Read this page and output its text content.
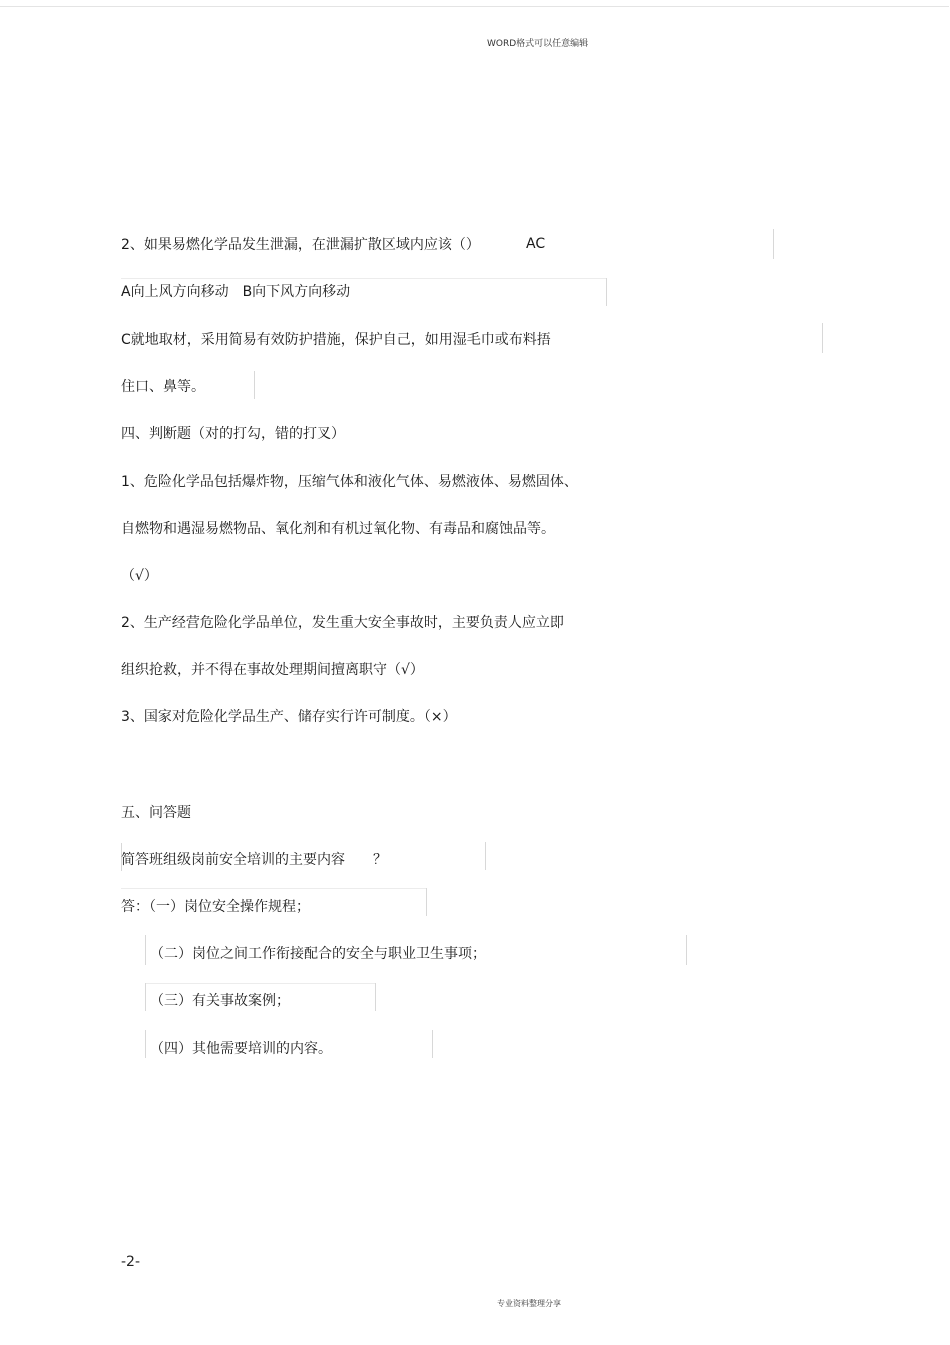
WORD格式可以任意编辑
2、如果易燃化学品发生泄漏，在泄漏扩散区域内应该（）	AC
A向上风方向移动　B向下风方向移动
C就地取材，采用简易有效防护措施，保护自己，如用湿毛巾或布料捂
住口、鼻等。
四、判断题（对的打勾，错的打叉）
1、危险化学品包括爆炸物，压缩气体和液化气体、易燃液体、易燃固体、
自燃物和遇湿易燃物品、氧化剂和有机过氧化物、有毒品和腐蚀品等。
（√）
2、生产经营危险化学品单位，发生重大安全事故时，主要负责人应立即
组织抢救，并不得在事故处理期间擅离职守（√）
3、国家对危险化学品生产、储存实行许可制度。（×）
五、问答题
简答班组级岗前安全培训的主要内容　　？
答：（一）岗位安全操作规程；
（二）岗位之间工作衔接配合的安全与职业卫生事项；
（三）有关事故案例；
（四）其他需要培训的内容。
-2-
专业资料整理分享
